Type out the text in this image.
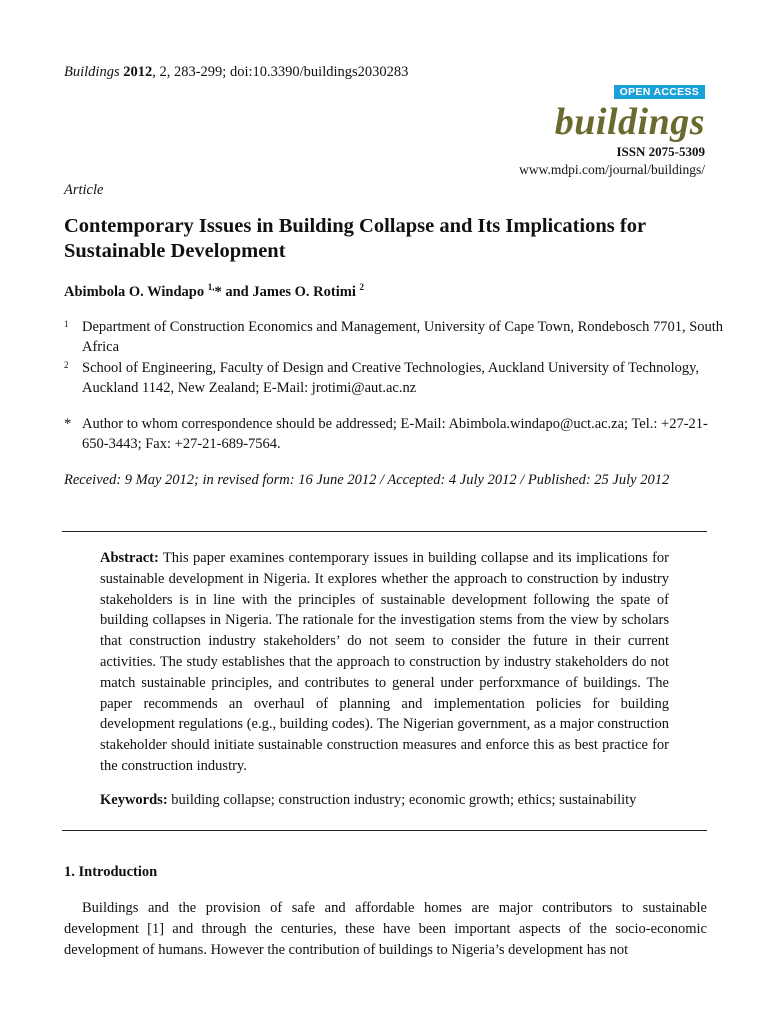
Buildings 2012, 2, 283-299; doi:10.3390/buildings2030283
OPEN ACCESS
buildings
ISSN 2075-5309
www.mdpi.com/journal/buildings/
Article
Contemporary Issues in Building Collapse and Its Implications for Sustainable Development
Abimbola O. Windapo $^{1,}$* and James O. Rotimi $^2$
1 Department of Construction Economics and Management, University of Cape Town, Rondebosch 7701, South Africa
2 School of Engineering, Faculty of Design and Creative Technologies, Auckland University of Technology, Auckland 1142, New Zealand; E-Mail: jrotimi@aut.ac.nz
* Author to whom correspondence should be addressed; E-Mail: Abimbola.windapo@uct.ac.za; Tel.: +27-21-650-3443; Fax: +27-21-689-7564.
Received: 9 May 2012; in revised form: 16 June 2012 / Accepted: 4 July 2012 / Published: 25 July 2012
Abstract: This paper examines contemporary issues in building collapse and its implications for sustainable development in Nigeria. It explores whether the approach to construction by industry stakeholders is in line with the principles of sustainable development following the spate of building collapses in Nigeria. The rationale for the investigation stems from the view by scholars that construction industry stakeholders’ do not seem to consider the future in their current activities. The study establishes that the approach to construction by industry stakeholders do not match sustainable principles, and contributes to general under perforxmance of buildings. The paper recommends an overhaul of planning and implementation policies for building development regulations (e.g., building codes). The Nigerian government, as a major construction stakeholder should initiate sustainable construction measures and enforce this as best practice for the construction industry.
Keywords: building collapse; construction industry; economic growth; ethics; sustainability
1. Introduction
Buildings and the provision of safe and affordable homes are major contributors to sustainable development [1] and through the centuries, these have been important aspects of the socio-economic development of humans. However the contribution of buildings to Nigeria’s development has not
